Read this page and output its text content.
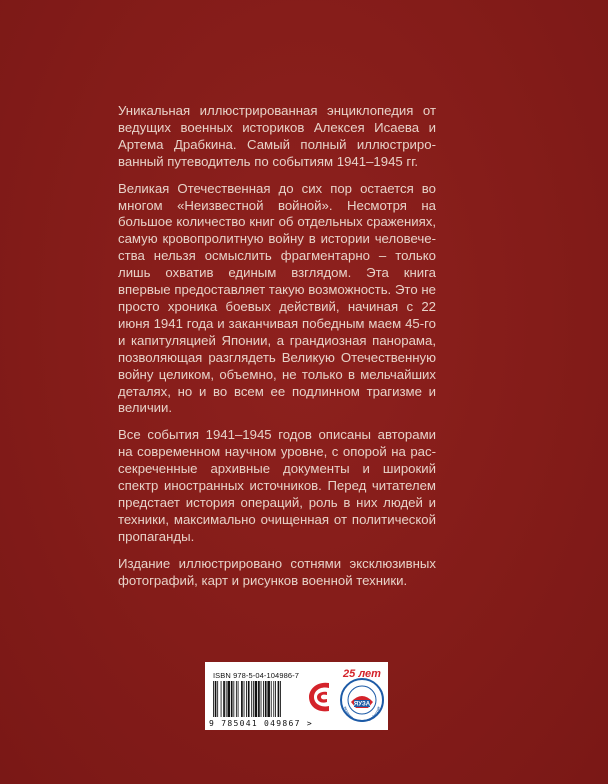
Уникальная иллюстрированная энциклопедия от ведущих военных историков Алексея Исаева и Артема Драбкина. Самый полный иллюстрированный путеводитель по событиям 1941–1945 гг.

Великая Отечественная до сих пор остается во многом «Неизвестной войной». Несмотря на большое количество книг об отдельных сражениях, самую кровопролитную войну в истории человечества нельзя осмыслить фрагментарно – только лишь охватив единым взглядом. Эта книга впервые предоставляет такую возможность. Это не просто хроника боевых действий, начиная с 22 июня 1941 года и заканчивая победным маем 45-го и капитуляцией Японии, а грандиозная панорама, позволяющая разглядеть Великую Отечественную войну целиком, объемно, не только в мельчайших деталях, но и во всем ее подлинном трагизме и величии.

Все события 1941–1945 годов описаны авторами на современном научном уровне, с опорой на рассекреченные архивные документы и широкий спектр иностранных источников. Перед читателем предстает история операций, роль в них людей и техники, максимально очищенная от политической пропаганды.

Издание иллюстрировано сотнями эксклюзивных фотографий, карт и рисунков военной техники.

ISBN 978-5-04-104986-7
9 785041 049867 >
ЯУЗА
25 лет
история — наша профессия
